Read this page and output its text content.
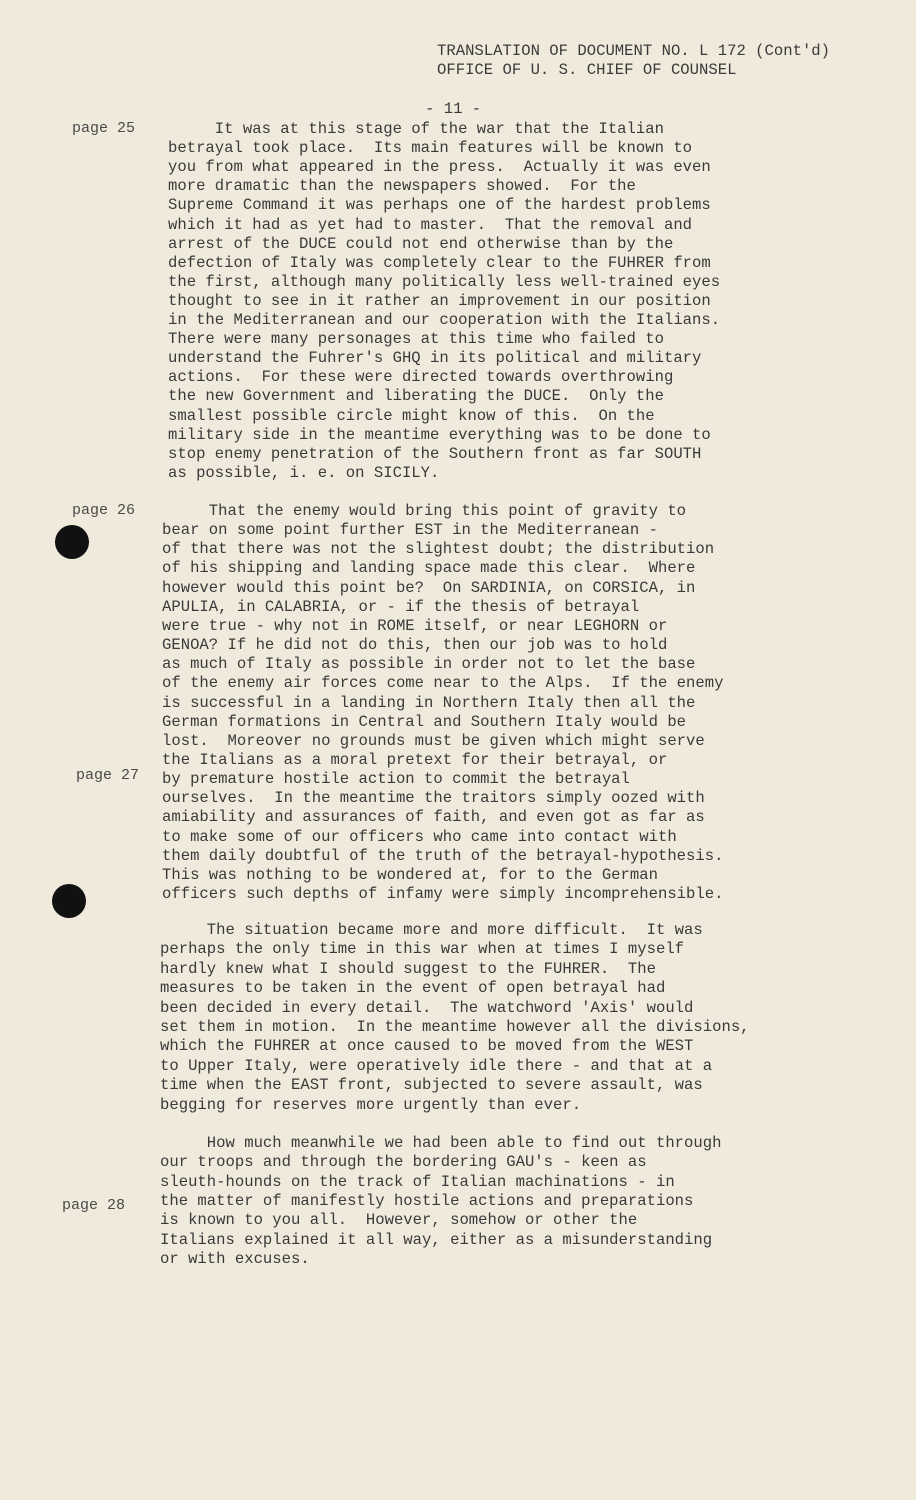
TRANSLATION OF DOCUMENT NO. L 172 (Cont'd)
OFFICE OF U. S. CHIEF OF COUNSEL
- 11 -
page 25
page 26
page 27
page 28
It was at this stage of the war that the Italian
betrayal took place.  Its main features will be known to
you from what appeared in the press.  Actually it was even
more dramatic than the newspapers showed.  For the
Supreme Command it was perhaps one of the hardest problems
which it had as yet had to master.  That the removal and
arrest of the DUCE could not end otherwise than by the
defection of Italy was completely clear to the FUHRER from
the first, although many politically less well-trained eyes
thought to see in it rather an improvement in our position
in the Mediterranean and our cooperation with the Italians.
There were many personages at this time who failed to
understand the Fuhrer's GHQ in its political and military
actions.  For these were directed towards overthrowing
the new Government and liberating the DUCE.  Only the
smallest possible circle might know of this.  On the
military side in the meantime everything was to be done to
stop enemy penetration of the Southern front as far SOUTH
as possible, i. e. on SICILY.
That the enemy would bring this point of gravity to
bear on some point further EST in the Mediterranean -
of that there was not the slightest doubt; the distribution
of his shipping and landing space made this clear.  Where
however would this point be?  On SARDINIA, on CORSICA, in
APULIA, in CALABRIA, or - if the thesis of betrayal
were true - why not in ROME itself, or near LEGHORN or
GENOA? If he did not do this, then our job was to hold
as much of Italy as possible in order not to let the base
of the enemy air forces come near to the Alps.  If the enemy
is successful in a landing in Northern Italy then all the
German formations in Central and Southern Italy would be
lost.  Moreover no grounds must be given which might serve
the Italians as a moral pretext for their betrayal, or
by premature hostile action to commit the betrayal
ourselves.  In the meantime the traitors simply oozed with
amiability and assurances of faith, and even got as far as
to make some of our officers who came into contact with
them daily doubtful of the truth of the betrayal-hypothesis.
This was nothing to be wondered at, for to the German
officers such depths of infamy were simply incomprehensible.
The situation became more and more difficult.  It was
perhaps the only time in this war when at times I myself
hardly knew what I should suggest to the FUHRER.  The
measures to be taken in the event of open betrayal had
been decided in every detail.  The watchword 'Axis' would
set them in motion.  In the meantime however all the divisions,
which the FUHRER at once caused to be moved from the WEST
to Upper Italy, were operatively idle there - and that at a
time when the EAST front, subjected to severe assault, was
begging for reserves more urgently than ever.
How much meanwhile we had been able to find out through
our troops and through the bordering GAU's - keen as
sleuth-hounds on the track of Italian machinations - in
the matter of manifestly hostile actions and preparations
is known to you all.  However, somehow or other the
Italians explained it all way, either as a misunderstanding
or with excuses.
